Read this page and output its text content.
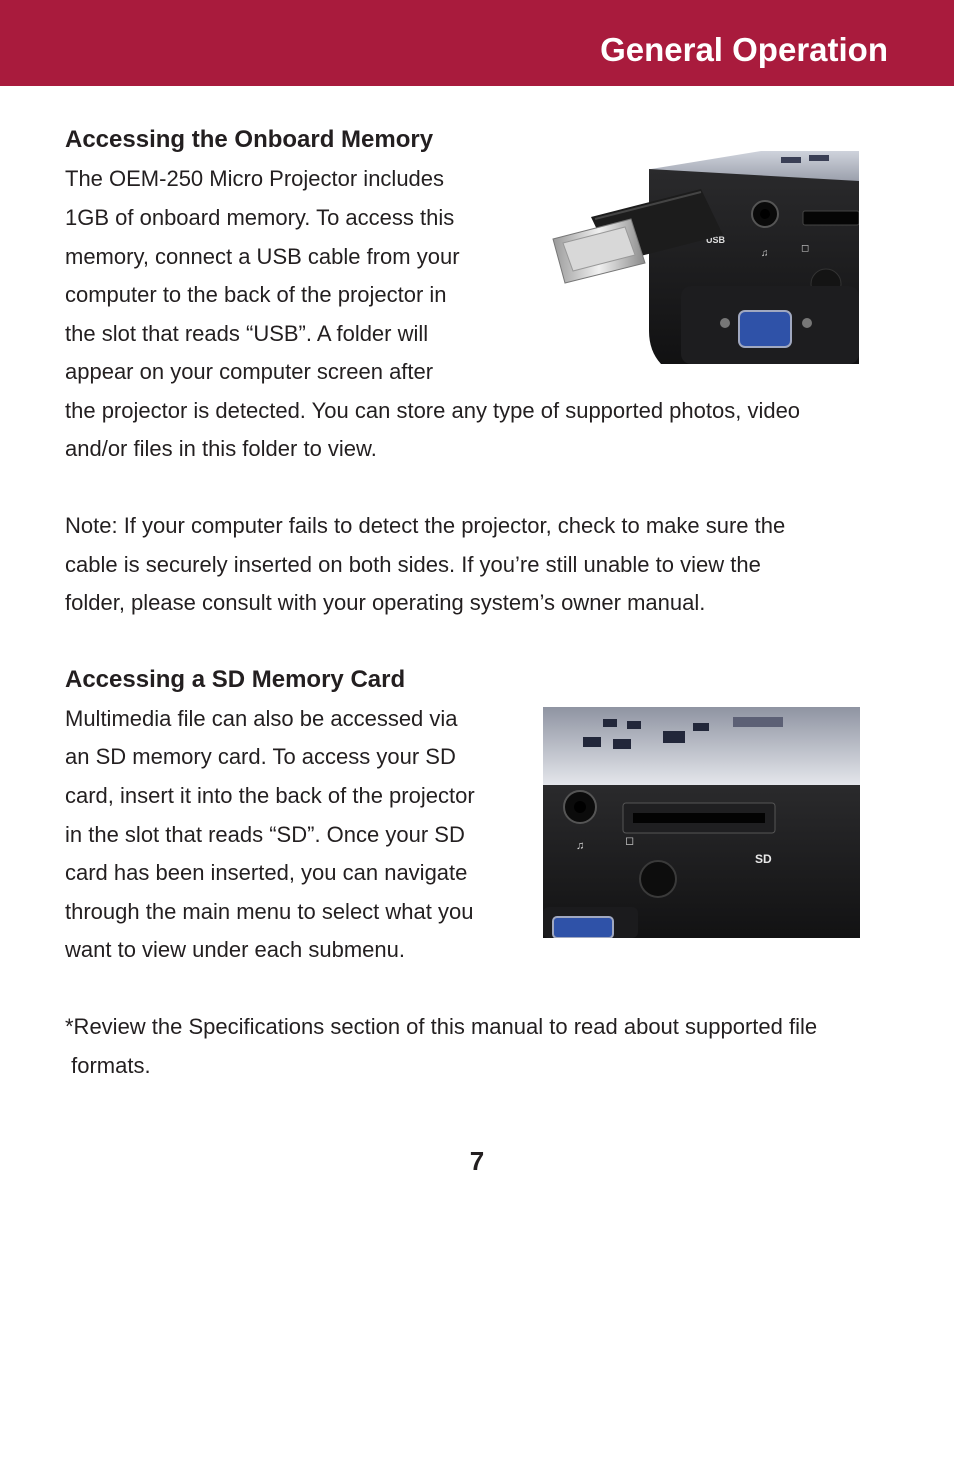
General Operation
Accessing the Onboard Memory
The OEM-250 Micro Projector includes
1GB of onboard memory. To access this
memory, connect a USB cable from your
computer to the back of the projector in
the slot that reads “USB”. A folder will
appear on your computer screen after
the projector is detected. You can store any type of supported photos, video
and/or files in this folder to view.
♫	◻
USB
Note: If your computer fails to detect the projector, check to make sure the
cable is securely inserted on both sides. If you’re still unable to view the
folder, please consult with your operating system’s owner manual.
Accessing a SD Memory Card
Multimedia file can also be accessed via
an SD memory card. To access your SD
card, insert it into the back of the projector
in the slot that reads “SD”. Once your SD
card has been inserted, you can navigate
through the main menu to select what you
want to view under each submenu.
♫	◻
SD
*Review the Specifications section of this manual to read about supported file
formats.
7
